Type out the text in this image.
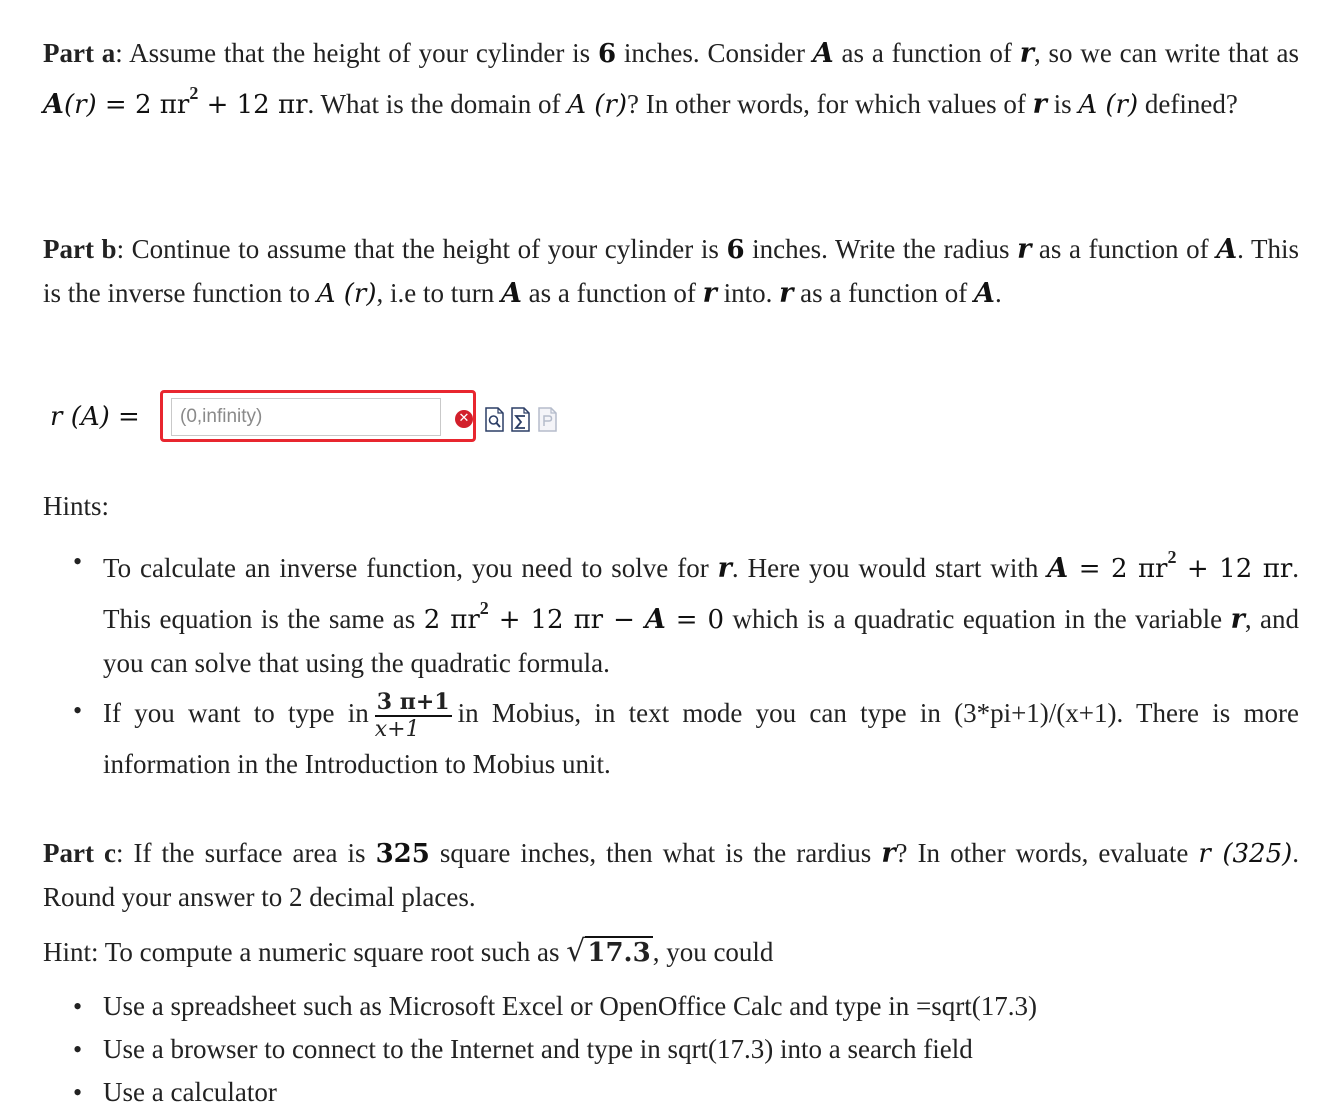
Part a: Assume that the height of your cylinder is 6 inches. Consider A as a function of r, so we can write that as A(r) = 2 $\pi r^2 + 12$ πr. What is the domain of A (r)? In other words, for which values of r is A (r) defined?
Part b: Continue to assume that the height of your cylinder is 6 inches. Write the radius r as a function of A. This is the inverse function to A (r), i.e to turn A as a function of r into. r as a function of A.
r (A) =
(0,infinity)	✕
Hints:
• To calculate an inverse function, you need to solve for r. Here you would start with A = 2 $\pi r^2 + 12$ πr. This equation is the same as 2 $\pi r^2 + 12$ πr − A = 0 which is a quadratic equation in the variable r, and you can solve that using the quadratic formula.
• If you want to type in $\frac{3 \pi+1}{x+1}$ in Mobius, in text mode you can type in (3*pi+1)/(x+1). There is more information in the Introduction to Mobius unit.
Part c: If the surface area is 325 square inches, then what is the rardius r? In other words, evaluate r (325). Round your answer to 2 decimal places.
Hint: To compute a numeric square root such as √17.3, you could
• Use a spreadsheet such as Microsoft Excel or OpenOffice Calc and type in =sqrt(17.3)
• Use a browser to connect to the Internet and type in sqrt(17.3) into a search field
• Use a calculator
